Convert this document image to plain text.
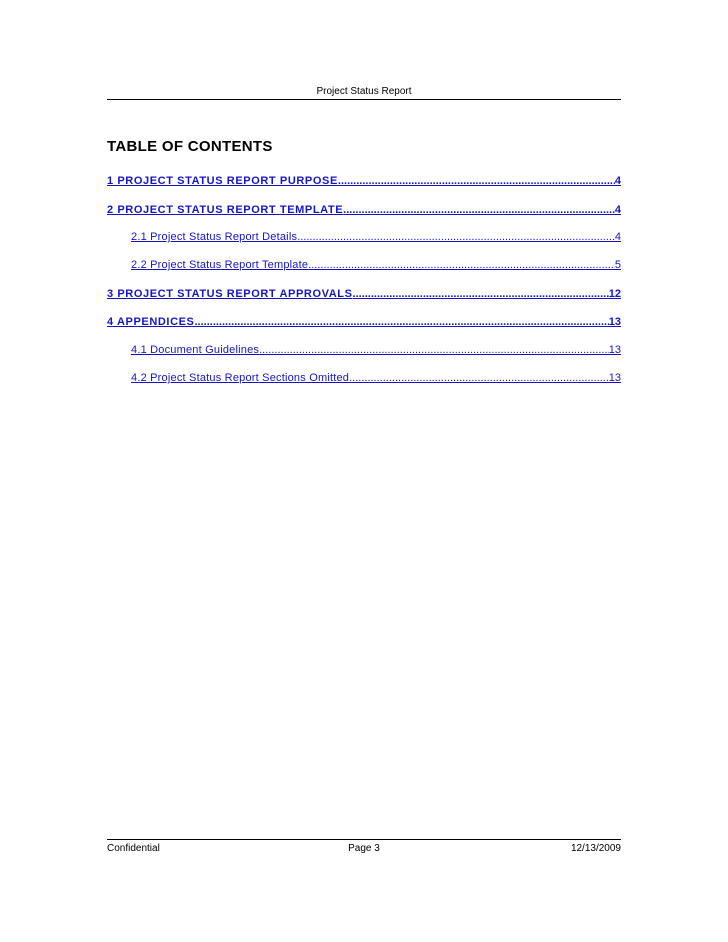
Project Status Report
TABLE OF CONTENTS
1 PROJECT STATUS REPORT PURPOSE .....	4
2 PROJECT STATUS REPORT TEMPLATE .....	4
2.1 Project Status Report Details .....	4
2.2 Project Status Report Template .....	5
3 PROJECT STATUS REPORT APPROVALS .....	12
4 APPENDICES .....	13
4.1 Document Guidelines .....	13
4.2 Project Status Report Sections Omitted .....	13
Confidential	Page 3	12/13/2009
